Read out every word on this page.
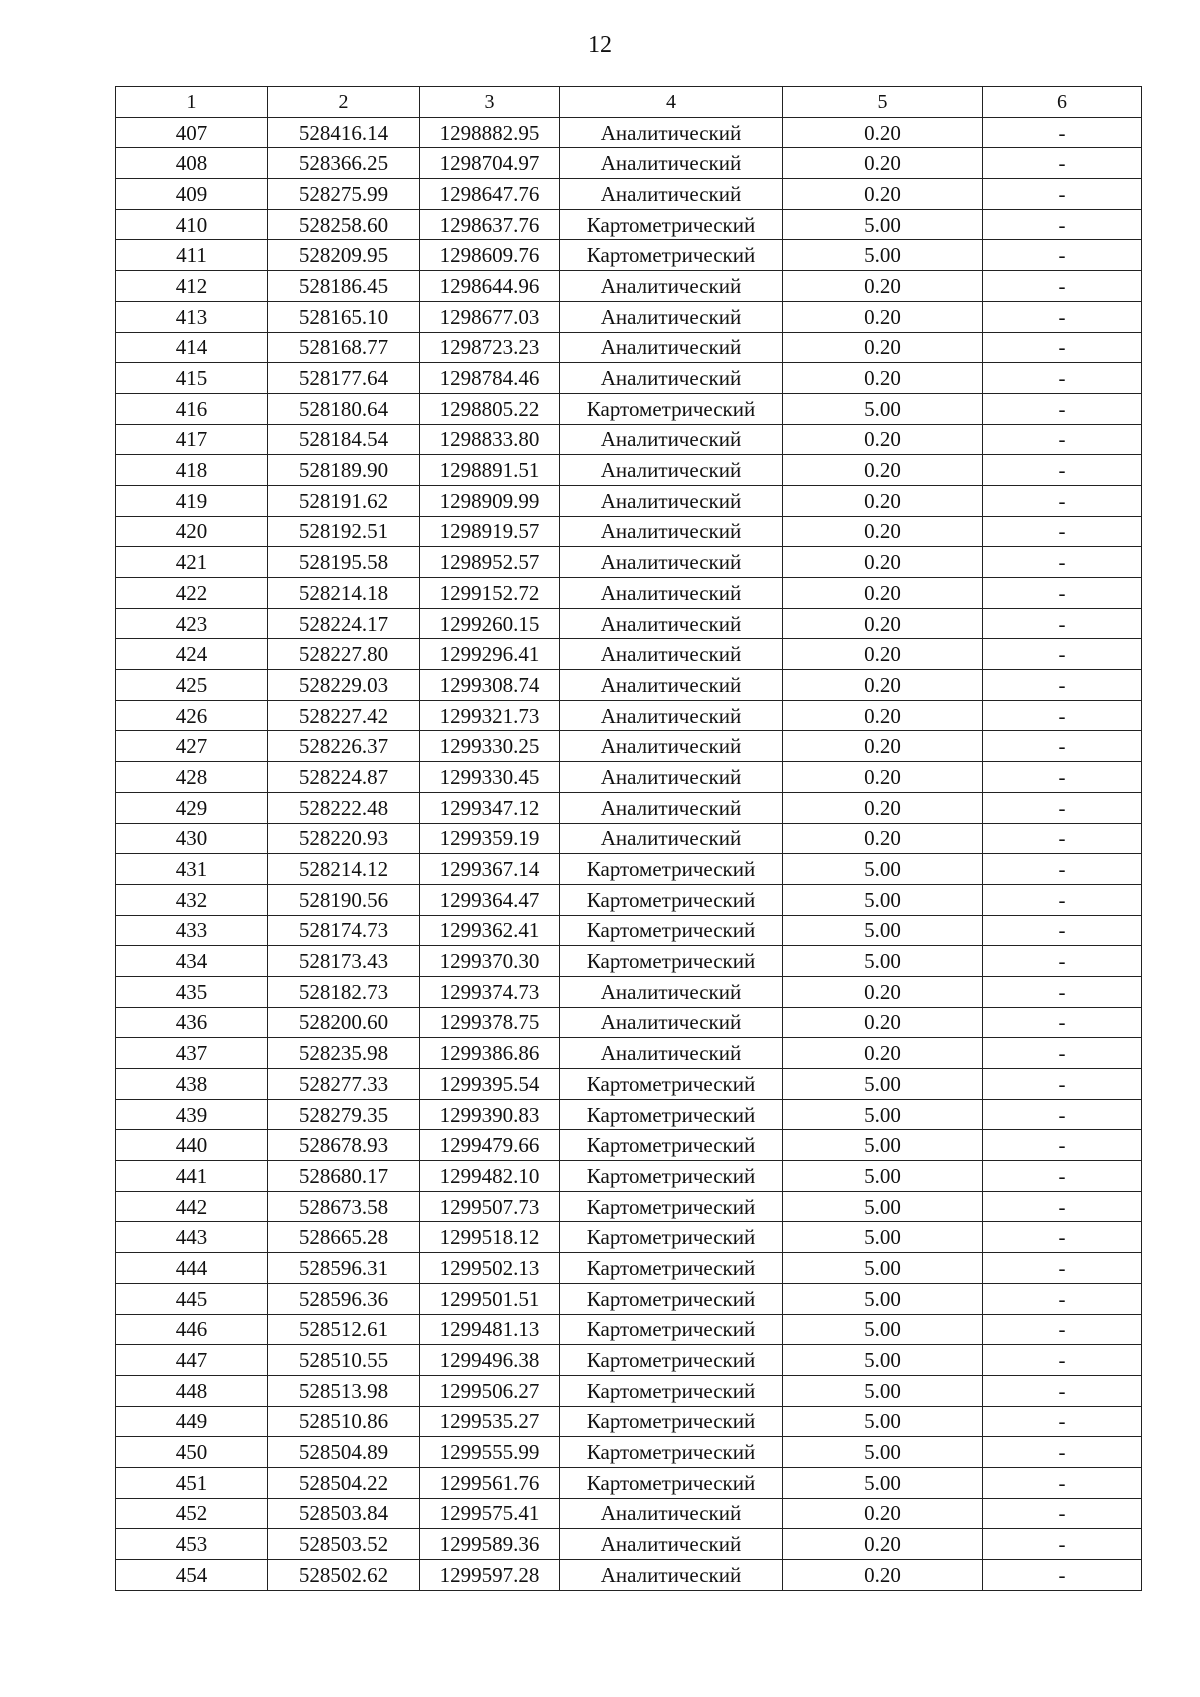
12
1	2	3	4	5	6
407	528416.14	1298882.95	Аналитический	0.20	-
408	528366.25	1298704.97	Аналитический	0.20	-
409	528275.99	1298647.76	Аналитический	0.20	-
410	528258.60	1298637.76	Картометрический	5.00	-
411	528209.95	1298609.76	Картометрический	5.00	-
412	528186.45	1298644.96	Аналитический	0.20	-
413	528165.10	1298677.03	Аналитический	0.20	-
414	528168.77	1298723.23	Аналитический	0.20	-
415	528177.64	1298784.46	Аналитический	0.20	-
416	528180.64	1298805.22	Картометрический	5.00	-
417	528184.54	1298833.80	Аналитический	0.20	-
418	528189.90	1298891.51	Аналитический	0.20	-
419	528191.62	1298909.99	Аналитический	0.20	-
420	528192.51	1298919.57	Аналитический	0.20	-
421	528195.58	1298952.57	Аналитический	0.20	-
422	528214.18	1299152.72	Аналитический	0.20	-
423	528224.17	1299260.15	Аналитический	0.20	-
424	528227.80	1299296.41	Аналитический	0.20	-
425	528229.03	1299308.74	Аналитический	0.20	-
426	528227.42	1299321.73	Аналитический	0.20	-
427	528226.37	1299330.25	Аналитический	0.20	-
428	528224.87	1299330.45	Аналитический	0.20	-
429	528222.48	1299347.12	Аналитический	0.20	-
430	528220.93	1299359.19	Аналитический	0.20	-
431	528214.12	1299367.14	Картометрический	5.00	-
432	528190.56	1299364.47	Картометрический	5.00	-
433	528174.73	1299362.41	Картометрический	5.00	-
434	528173.43	1299370.30	Картометрический	5.00	-
435	528182.73	1299374.73	Аналитический	0.20	-
436	528200.60	1299378.75	Аналитический	0.20	-
437	528235.98	1299386.86	Аналитический	0.20	-
438	528277.33	1299395.54	Картометрический	5.00	-
439	528279.35	1299390.83	Картометрический	5.00	-
440	528678.93	1299479.66	Картометрический	5.00	-
441	528680.17	1299482.10	Картометрический	5.00	-
442	528673.58	1299507.73	Картометрический	5.00	-
443	528665.28	1299518.12	Картометрический	5.00	-
444	528596.31	1299502.13	Картометрический	5.00	-
445	528596.36	1299501.51	Картометрический	5.00	-
446	528512.61	1299481.13	Картометрический	5.00	-
447	528510.55	1299496.38	Картометрический	5.00	-
448	528513.98	1299506.27	Картометрический	5.00	-
449	528510.86	1299535.27	Картометрический	5.00	-
450	528504.89	1299555.99	Картометрический	5.00	-
451	528504.22	1299561.76	Картометрический	5.00	-
452	528503.84	1299575.41	Аналитический	0.20	-
453	528503.52	1299589.36	Аналитический	0.20	-
454	528502.62	1299597.28	Аналитический	0.20	-
